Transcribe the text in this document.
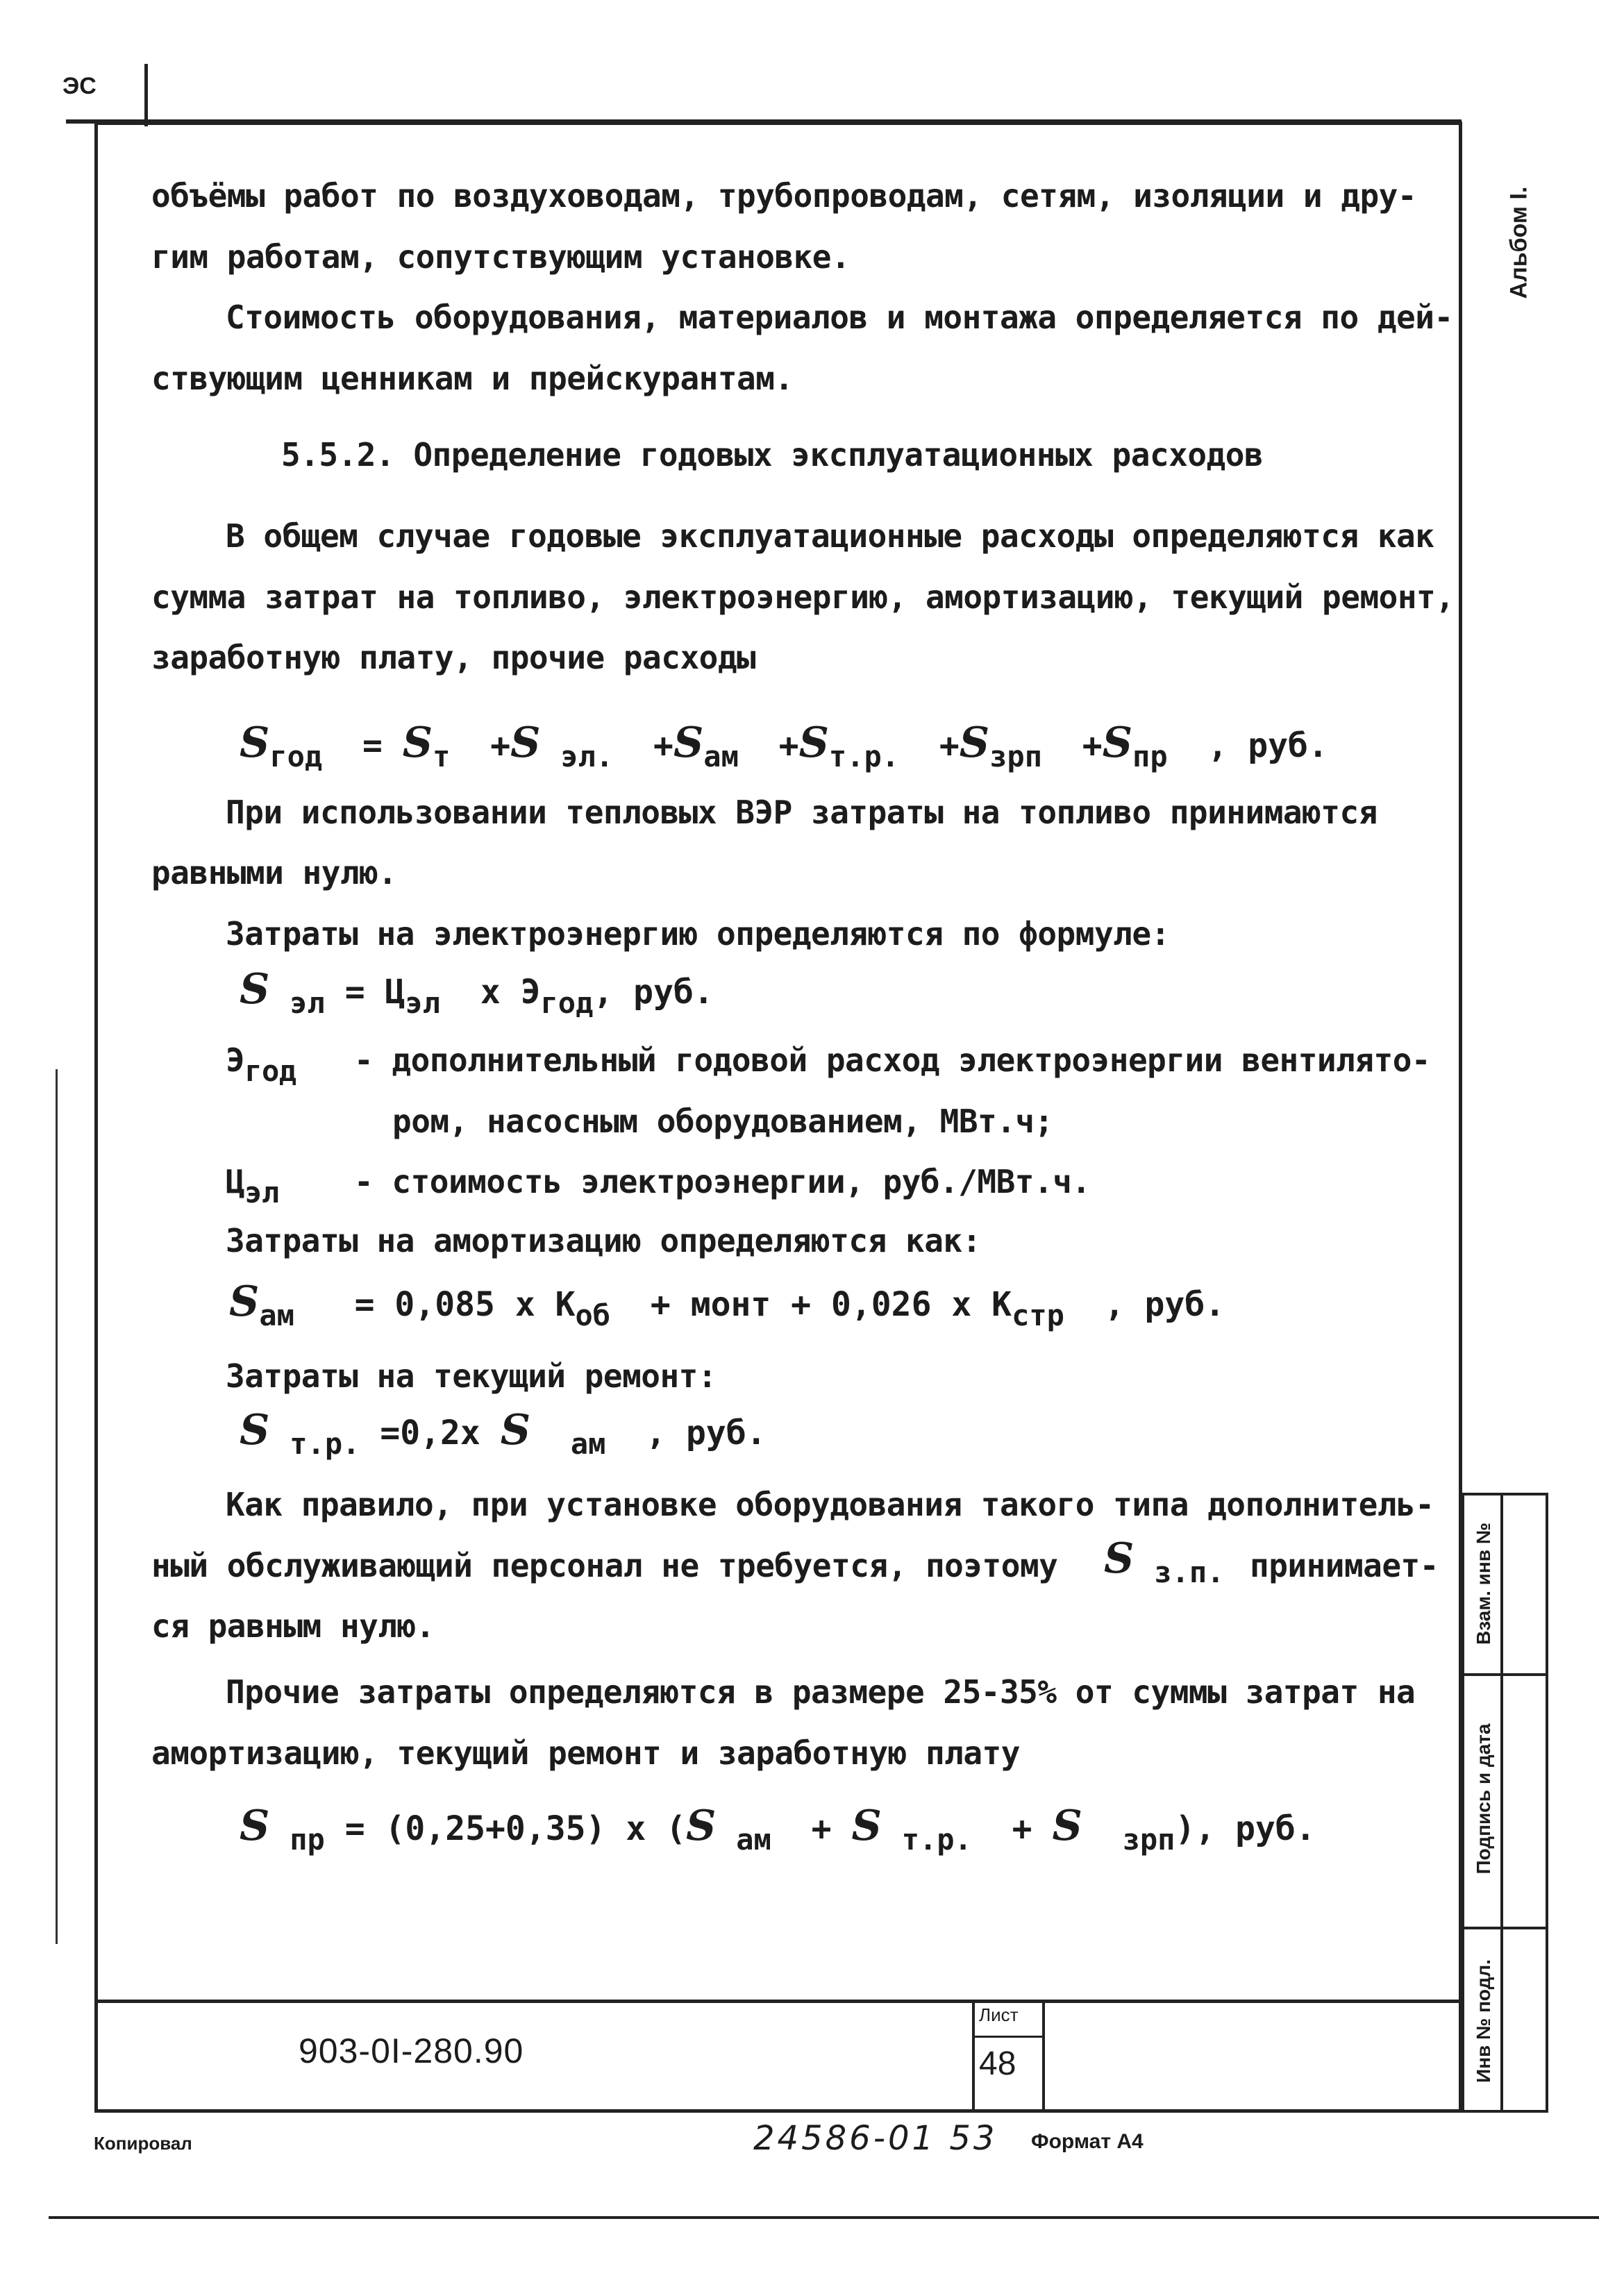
ЭС
Альбом I.
объёмы работ по воздуховодам, трубопроводам, сетям, изоляции и дру-
гим работам, сопутствующим установке.
Стоимость оборудования, материалов и монтажа определяется по дей-
ствующим ценникам и прейскурантам.
5.5.2. Определение годовых эксплуатационных расходов
В общем случае годовые эксплуатационные расходы определяются как
сумма затрат на топливо, электроэнергию, амортизацию, текущий ремонт,
заработную плату, прочие расходы
$S_{год} = S_т +S$ $_{эл.} +S_{ам} +S_{т.р.} +S_{зрп} +S_{пр}$ , руб.
При использовании тепловых ВЭР затраты на топливо принимаются
равными нулю.
Затраты на электроэнергию определяются по формуле:
S $_{эл} = Ц_{эл}$ x $Э_{год}$, руб.
$Э_{год}$ - дополнительный годовой расход электроэнергии вентилято-
ром, насосным оборудованием, МВт.ч;
$Ц_{эл}$ - стоимость электроэнергии, руб./МВт.ч.
Затраты на амортизацию определяются как:
$S_{ам} = 0,085$ x $К_{об}$ + монт + 0,026 x $К_{стр}$ , руб.
Затраты на текущий ремонт:
S $_{т.р.}$ =0,2x S $_{ам}$ , руб.
Как правило, при установке оборудования такого типа дополнитель-
ный обслуживающий персонал не требуется, поэтому S $_{з.п.}$ принимает-
ся равным нулю.
Прочие затраты определяются в размере 25-35% от суммы затрат на
амортизацию, текущий ремонт и заработную плату
S $_{пр}$ = (0,25+0,35) x (S $_{ам}$  + S $_{т.р.}$  + S $_{зрп}$), руб.
903-0I-280.90
Лист
48
Взам. инв №
Подпись и дата
Инв № подл.
Копировал	24586-01 53 Формат А4
